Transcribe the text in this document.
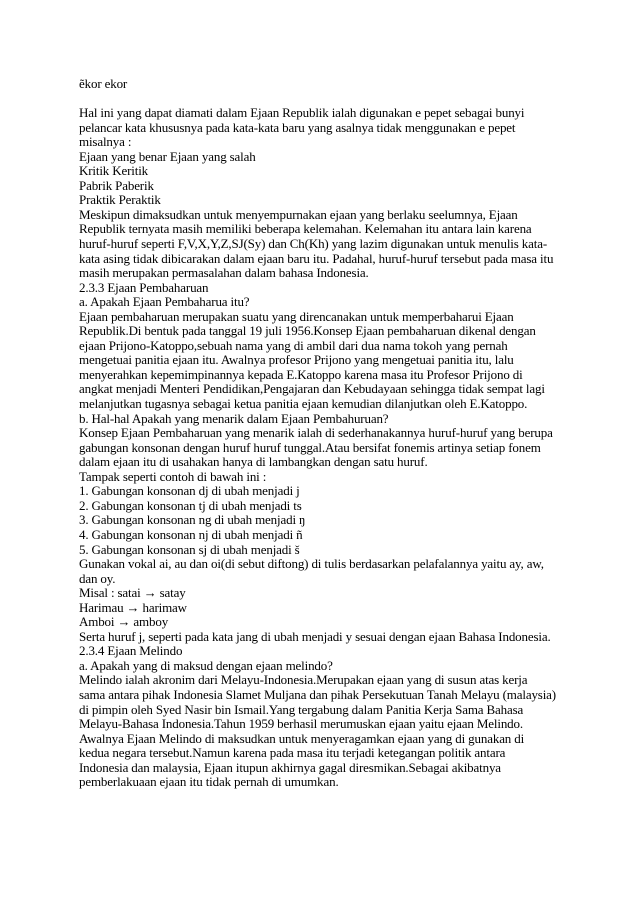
ẽkor ekor
Hal ini yang dapat diamati dalam Ejaan Republik ialah digunakan e pepet sebagai bunyi
pelancar kata khususnya pada kata-kata baru yang asalnya tidak menggunakan e pepet
misalnya :
Ejaan yang benar Ejaan yang salah
Kritik Keritik
Pabrik Paberik
Praktik Peraktik
Meskipun dimaksudkan untuk menyempurnakan ejaan yang berlaku seelumnya, Ejaan
Republik ternyata masih memiliki beberapa kelemahan. Kelemahan itu antara lain karena
huruf-huruf seperti F,V,X,Y,Z,SJ(Sy) dan Ch(Kh) yang lazim digunakan untuk menulis kata-
kata asing tidak dibicarakan dalam ejaan baru itu. Padahal, huruf-huruf tersebut pada masa itu
masih merupakan permasalahan dalam bahasa Indonesia.
2.3.3 Ejaan Pembaharuan
a. Apakah Ejaan Pembaharua itu?
Ejaan pembaharuan merupakan suatu yang direncanakan untuk memperbaharui Ejaan
Republik.Di bentuk pada tanggal 19 juli 1956.Konsep Ejaan pembaharuan dikenal dengan
ejaan Prijono-Katoppo,sebuah nama yang di ambil dari dua nama tokoh yang pernah
mengetuai panitia ejaan itu. Awalnya profesor Prijono yang mengetuai panitia itu, lalu
menyerahkan kepemimpinannya kepada E.Katoppo karena masa itu Profesor Prijono di
angkat menjadi Menteri Pendidikan,Pengajaran dan Kebudayaan sehingga tidak sempat lagi
melanjutkan tugasnya sebagai ketua panitia ejaan kemudian dilanjutkan oleh E.Katoppo.
b. Hal-hal Apakah yang menarik dalam Ejaan Pembahuruan?
Konsep Ejaan Pembaharuan yang menarik ialah di sederhanakannya huruf-huruf yang berupa
gabungan konsonan dengan huruf huruf tunggal.Atau bersifat fonemis artinya setiap fonem
dalam ejaan itu di usahakan hanya di lambangkan dengan satu huruf.
Tampak seperti contoh di bawah ini :
1. Gabungan konsonan dj di ubah menjadi j
2. Gabungan konsonan tj di ubah menjadi ts
3. Gabungan konsonan ng di ubah menjadi ŋ
4. Gabungan konsonan nj di ubah menjadi ñ
5. Gabungan konsonan sj di ubah menjadi š
Gunakan vokal ai, au dan oi(di sebut diftong) di tulis berdasarkan pelafalannya yaitu ay, aw,
dan oy.
Misal : satai → satay
Harimau → harimaw
Amboi → amboy
Serta huruf j, seperti pada kata jang di ubah menjadi y sesuai dengan ejaan Bahasa Indonesia.
2.3.4 Ejaan Melindo
a. Apakah yang di maksud dengan ejaan melindo?
Melindo ialah akronim dari Melayu-Indonesia.Merupakan ejaan yang di susun atas kerja
sama antara pihak Indonesia Slamet Muljana dan pihak Persekutuan Tanah Melayu (malaysia)
di pimpin oleh Syed Nasir bin Ismail.Yang tergabung dalam Panitia Kerja Sama Bahasa
Melayu-Bahasa Indonesia.Tahun 1959 berhasil merumuskan ejaan yaitu ejaan Melindo.
Awalnya Ejaan Melindo di maksudkan untuk menyeragamkan ejaan yang di gunakan di
kedua negara tersebut.Namun karena pada masa itu terjadi ketegangan politik antara
Indonesia dan malaysia, Ejaan itupun akhirnya gagal diresmikan.Sebagai akibatnya
pemberlakuaan ejaan itu tidak pernah di umumkan.
